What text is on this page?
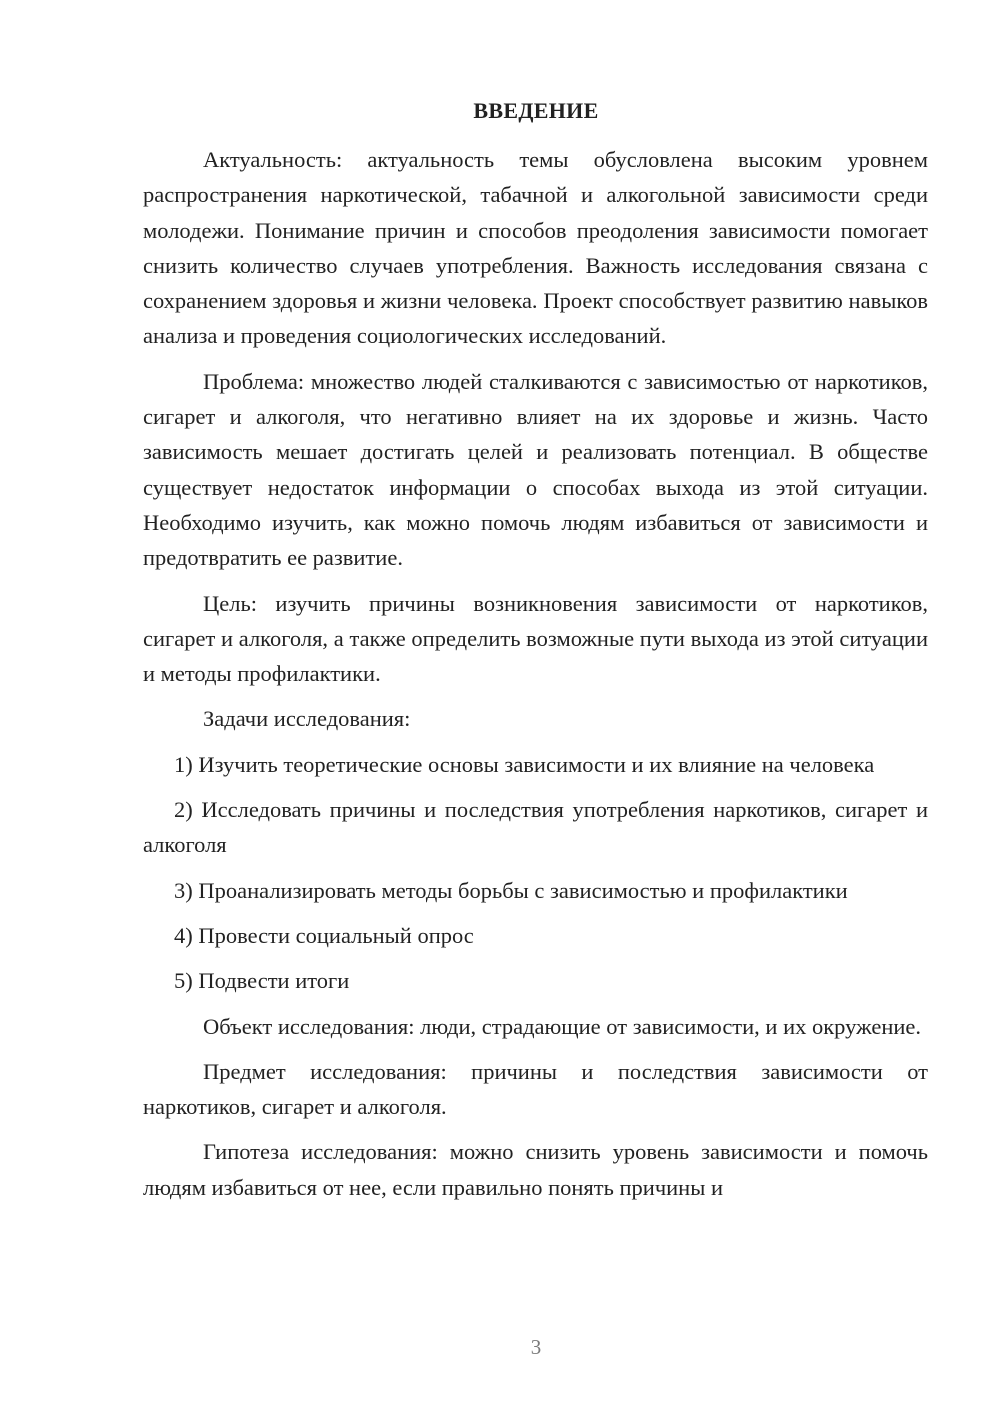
ВВЕДЕНИЕ

Актуальность: актуальность темы обусловлена высоким уровнем распространения наркотической, табачной и алкогольной зависимости среди молодежи. Понимание причин и способов преодоления зависимости помогает снизить количество случаев употребления. Важность исследования связана с сохранением здоровья и жизни человека. Проект способствует развитию навыков анализа и проведения социологических исследований.

Проблема: множество людей сталкиваются с зависимостью от наркотиков, сигарет и алкоголя, что негативно влияет на их здоровье и жизнь. Часто зависимость мешает достигать целей и реализовать потенциал. В обществе существует недостаток информации о способах выхода из этой ситуации. Необходимо изучить, как можно помочь людям избавиться от зависимости и предотвратить ее развитие.

Цель: изучить причины возникновения зависимости от наркотиков, сигарет и алкоголя, а также определить возможные пути выхода из этой ситуации и методы профилактики.

Задачи исследования:

1) Изучить теоретические основы зависимости и их влияние на человека

2) Исследовать причины и последствия употребления наркотиков, сигарет и алкоголя

3) Проанализировать методы борьбы с зависимостью и профилактики

4) Провести социальный опрос

5) Подвести итоги

Объект исследования: люди, страдающие от зависимости, и их окружение.

Предмет исследования: причины и последствия зависимости от наркотиков, сигарет и алкоголя.

Гипотеза исследования: можно снизить уровень зависимости и помочь людям избавиться от нее, если правильно понять причины и

3
